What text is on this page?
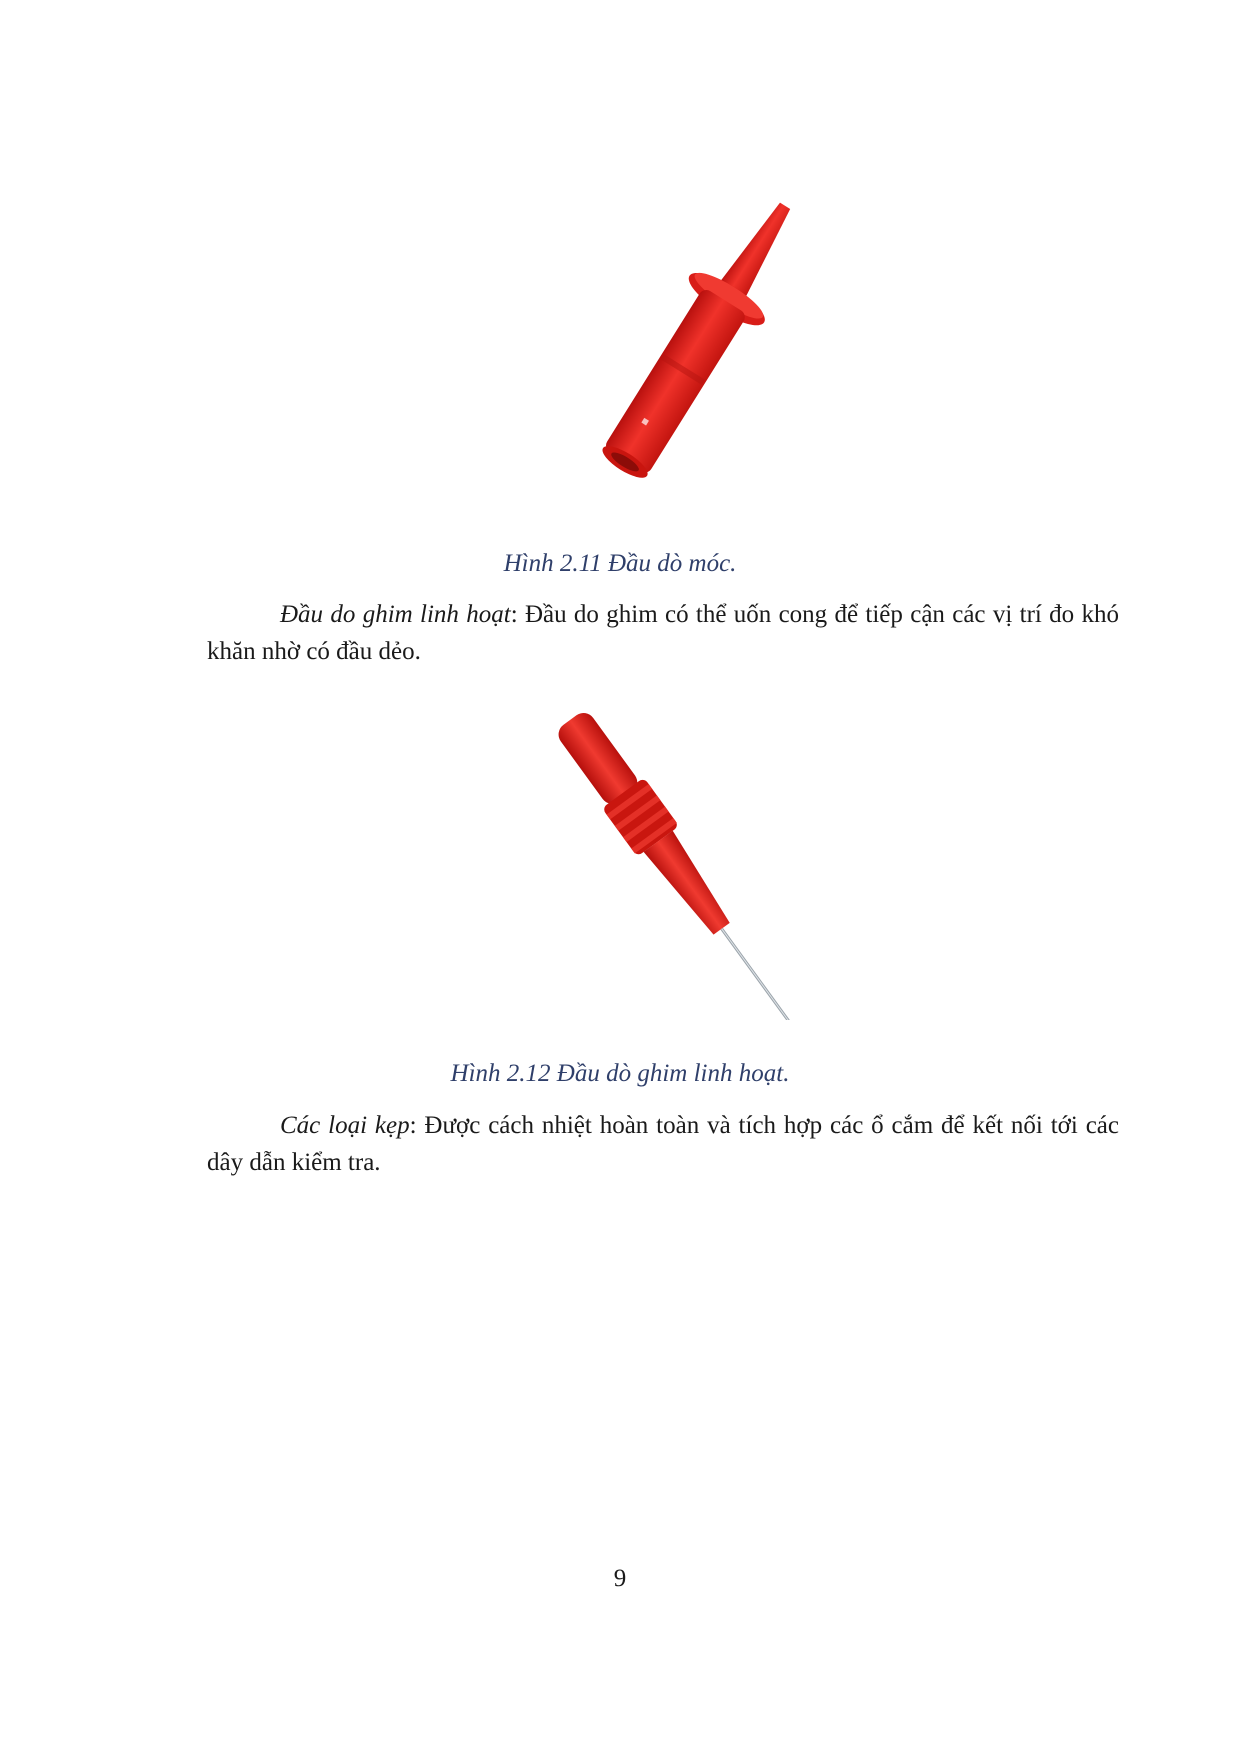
▪
Hình 2.11 Đầu dò móc.
Đầu do ghim linh hoạt: Đầu do ghim có thể uốn cong để tiếp cận các vị trí đo khó khăn nhờ có đầu dẻo.
Hình 2.12 Đầu dò ghim linh hoạt.
Các loại kẹp: Được cách nhiệt hoàn toàn và tích hợp các ổ cắm để kết nối tới các dây dẫn kiểm tra.
9
